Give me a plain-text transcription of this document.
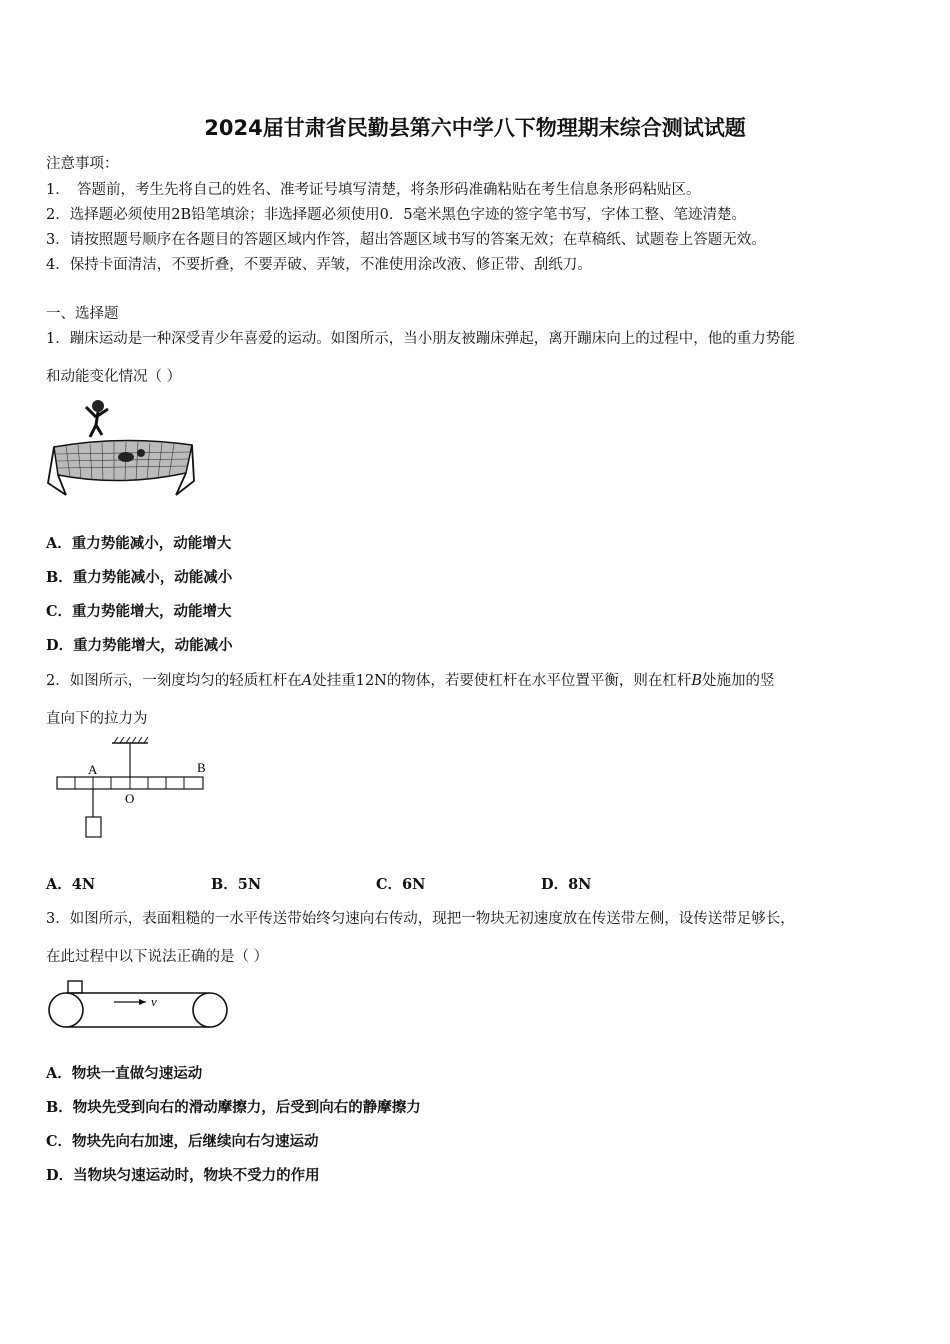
2024届甘肃省民勤县第六中学八下物理期末综合测试试题
注意事项：
1．　答题前，考生先将自己的姓名、准考证号填写清楚，将条形码准确粘贴在考生信息条形码粘贴区。
2．选择题必须使用2B铅笔填涂；非选择题必须使用0．5毫米黑色字迹的签字笔书写，字体工整、笔迹清楚。
3．请按照题号顺序在各题目的答题区域内作答，超出答题区域书写的答案无效；在草稿纸、试题卷上答题无效。
4．保持卡面清洁，不要折叠，不要弄破、弄皱，不准使用涂改液、修正带、刮纸刀。
一、选择题
1．蹦床运动是一种深受青少年喜爱的运动。如图所示，当小朋友被蹦床弹起，离开蹦床向上的过程中，他的重力势能
和动能变化情况（ ）
A．重力势能减小，动能增大
B．重力势能减小，动能减小
C．重力势能增大，动能增大
D．重力势能增大，动能减小
2．如图所示，一刻度均匀的轻质杠杆在A处挂重12N的物体，若要使杠杆在水平位置平衡，则在杠杆B处施加的竖
直向下的拉力为
A	B
O
A．4N	B．5N	C．6N	D．8N
3．如图所示，表面粗糙的一水平传送带始终匀速向右传动，现把一物块无初速度放在传送带左侧，设传送带足够长，
在此过程中以下说法正确的是（ ）
v
A．物块一直做匀速运动
B．物块先受到向右的滑动摩擦力，后受到向右的静摩擦力
C．物块先向右加速，后继续向右匀速运动
D．当物块匀速运动时，物块不受力的作用
